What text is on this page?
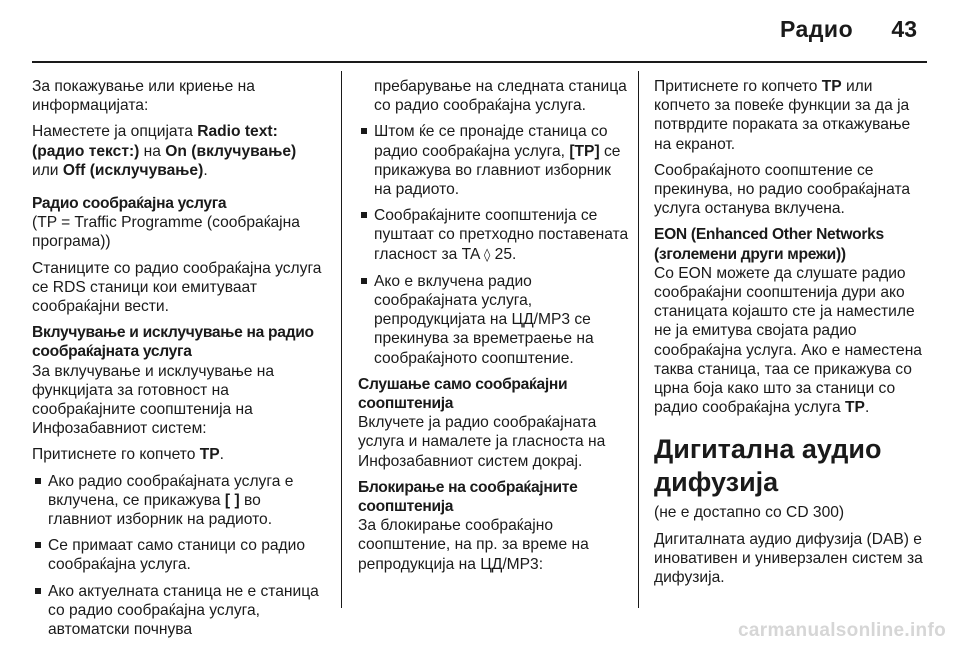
Радио 43

За покажување или криење на информацијата:

Наместете ја опцијата Radio text: (радио текст:) на On (вклучување) или Off (исклучување).

Радио сообраќајна услуга

(TP = Traffic Programme (сообраќајна програма))

Станиците со радио сообраќајна услуга се RDS станици кои емитуваат сообраќајни вести.

Вклучување и исклучување на радио сообраќајната услуга

За вклучување и исклучување на функцијата за готовност на сообраќајните соопштенија на Инфозабавниот систем:

Притиснете го копчето TP.

Ако радио сообраќајната услуга е вклучена, се прикажува [ ] во главниот изборник на радиото.
Се примаат само станици со радио сообраќајна услуга.
Ако актуелната станица не е станица со радио сообраќајна услуга, автоматски почнува

пребарување на следната станица со радио сообраќајна услуга.

Штом ќе се пронајде станица со радио сообраќајна услуга, [TP] се прикажува во главниот изборник на радиото.
Сообраќајните соопштенија се пуштаат со претходно поставената гласност за TA ◊ 25.
Ако е вклучена радио сообраќајната услуга, репродукцијата на ЦД/MP3 се прекинува за времетраење на сообраќајното соопштение.

Слушање само сообраќајни соопштенија

Вклучете ја радио сообраќајната услуга и намалете ја гласноста на Инфозабавниот систем докрај.

Блокирање на сообраќајните соопштенија

За блокирање сообраќајно соопштение, на пр. за време на репродукција на ЦД/MP3:

Притиснете го копчето TP или копчето за повеќе функции за да ја потврдите пораката за откажување на екранот.

Сообраќајното соопштение се прекинува, но радио сообраќајната услуга останува вклучена.

EON (Enhanced Other Networks (зголемени други мрежи))

Со EON можете да слушате радио сообраќајни соопштенија дури ако станицата којашто сте ја наместиле не ја емитува својата радио сообраќајна услуга. Ако е наместена таква станица, таа се прикажува со црна боја како што за станици со радио сообраќајна услуга TP.

Дигитална аудио дифузија

(не е достапно со CD 300)

Дигиталната аудио дифузија (DAB) е иновативен и универзален систем за дифузија.

carmanualsonline.info
